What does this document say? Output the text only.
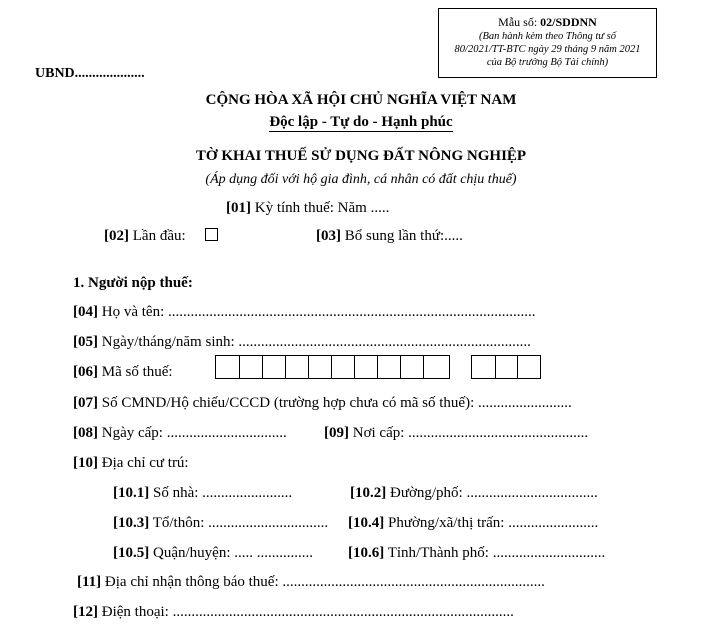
Mẫu số: 02/SDDNN
(Ban hành kèm theo Thông tư số
80/2021/TT-BTC ngày 29 tháng 9 năm 2021
của Bộ trưởng Bộ Tài chính)
UBND....................
CỘNG HÒA XÃ HỘI CHỦ NGHĨA VIỆT NAM
Độc lập - Tự do - Hạnh phúc
TỜ KHAI THUẾ SỬ DỤNG ĐẤT NÔNG NGHIỆP
(Áp dụng đối với hộ gia đình, cá nhân có đất chịu thuế)
[01] Kỳ tính thuế: Năm .....
[02] Lần đầu:	[03] Bổ sung lần thứ:.....
1. Người nộp thuế:
[04] Họ và tên: ..................................................................................................
[05] Ngày/tháng/năm sinh: ..............................................................................
[06] Mã số thuế:
[07] Số CMND/Hộ chiếu/CCCD (trường hợp chưa có mã số thuế): .........................
[08] Ngày cấp: ................................ [09] Nơi cấp: ................................................
[10] Địa chỉ cư trú:
[10.1] Số nhà: ........................	[10.2] Đường/phố: ...................................
[10.3] Tổ/thôn: ................................ [10.4] Phường/xã/thị trấn: ........................
[10.5] Quận/huyện: ..... ............... [10.6] Tỉnh/Thành phố: ..............................
[11] Địa chỉ nhận thông báo thuế: ......................................................................
[12] Điện thoại: ...........................................................................................
